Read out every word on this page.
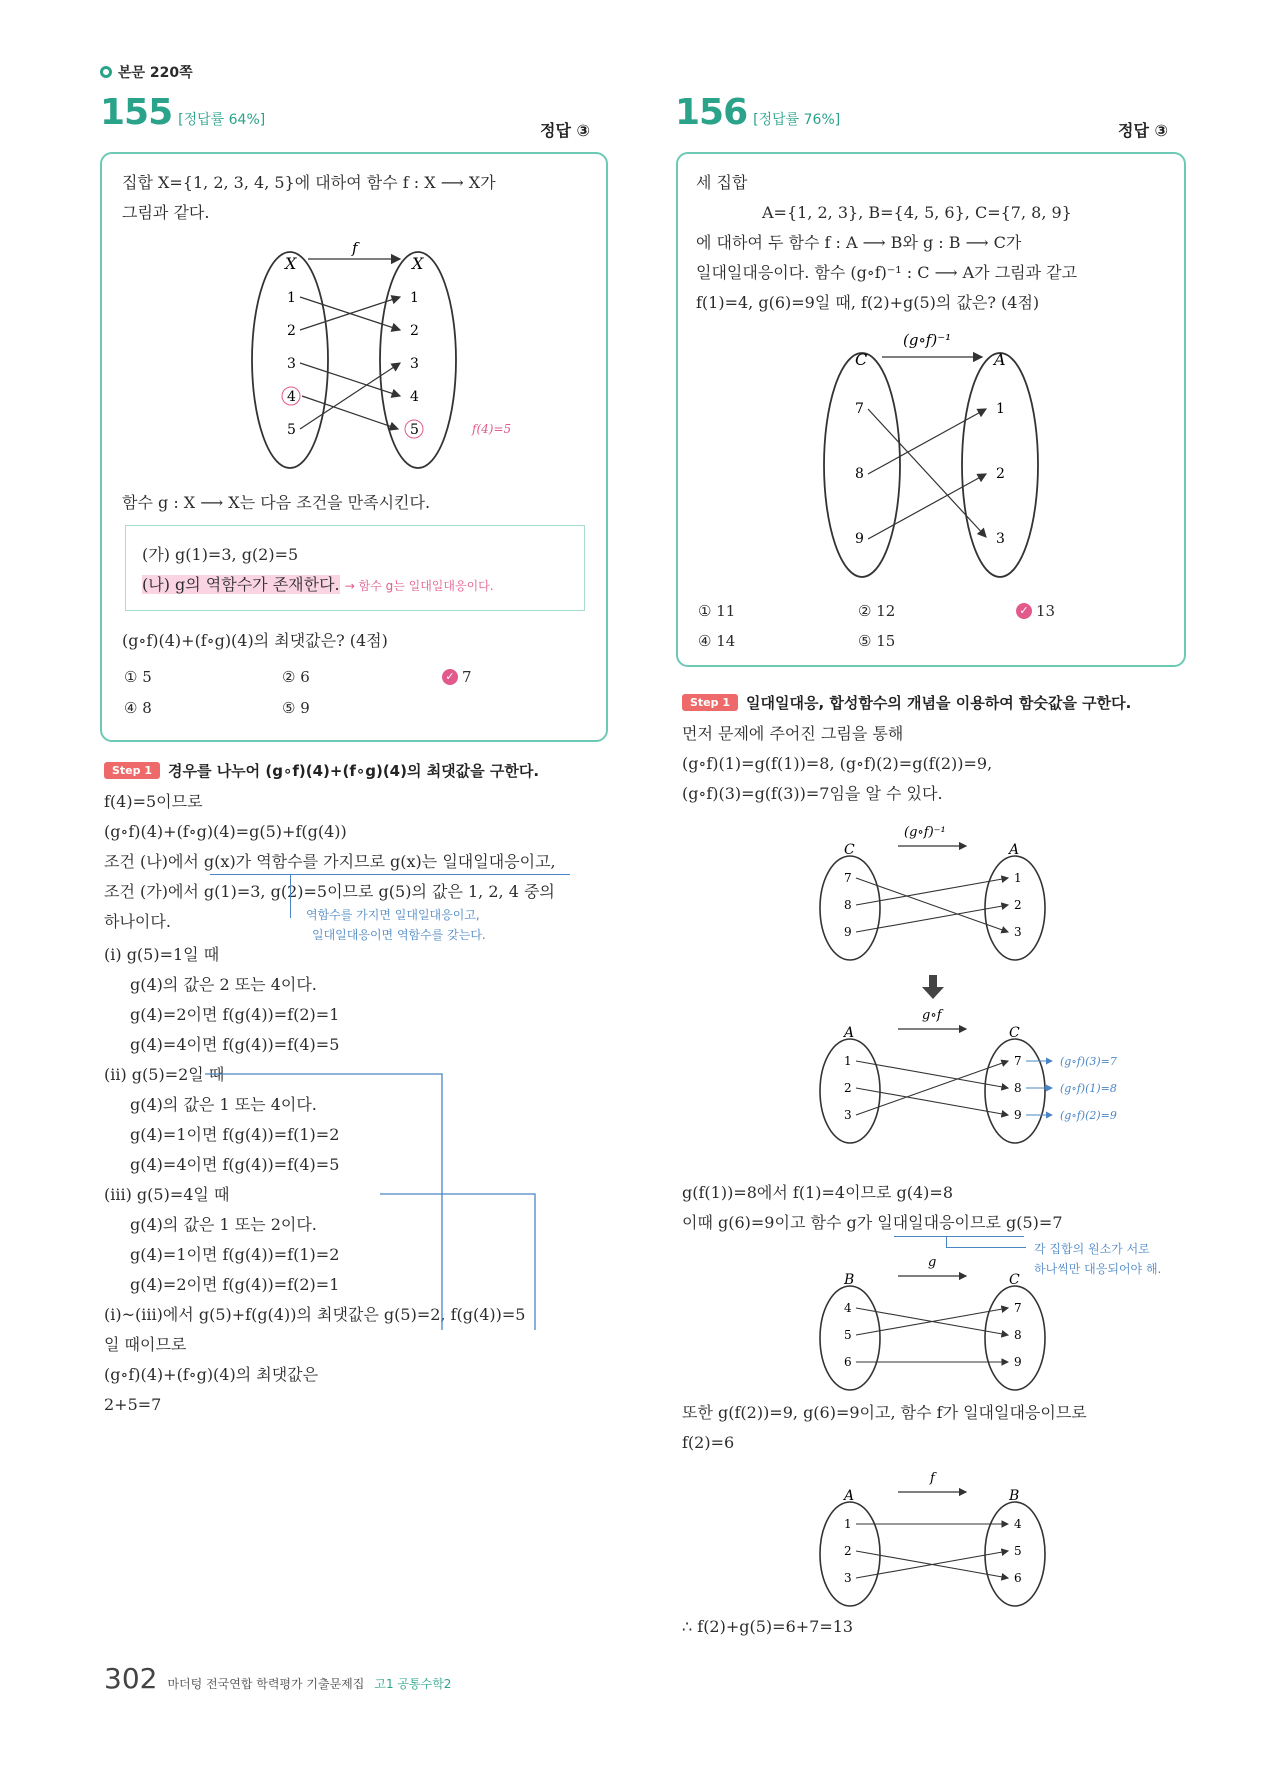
본문 220쪽
155 [정답률 64%]
정답 ③
집합 X={1, 2, 3, 4, 5}에 대하여 함수 f : X ⟶ X가
그림과 같다.
X	X
f
1
2
3
4
5
1
2
3
4
5	f(4)=5
함수 g : X ⟶ X는 다음 조건을 만족시킨다.
(가) g(1)=3, g(2)=5
(나) g의 역함수가 존재한다. → 함수 g는 일대일대응이다.
(g∘f)(4)+(f∘g)(4)의 최댓값은? (4점)
① 5	② 6	✓ 7
④ 8	⑤ 9
Step 1	경우를 나누어 (g∘f)(4)+(f∘g)(4)의 최댓값을 구한다.
f(4)=5이므로
(g∘f)(4)+(f∘g)(4)=g(5)+f(g(4))
조건 (나)에서 g(x)가 역함수를 가지므로 g(x)는 일대일대응이고,
조건 (가)에서 g(1)=3, g(2)=5이므로 g(5)의 값은 1, 2, 4 중의
하나이다.	역함수를 가지면 일대일대응이고,
일대일대응이면 역함수를 갖는다.
(i) g(5)=1일 때
g(4)의 값은 2 또는 4이다.
g(4)=2이면 f(g(4))=f(2)=1
g(4)=4이면 f(g(4))=f(4)=5
(ii) g(5)=2일 때
g(4)의 값은 1 또는 4이다.
g(4)=1이면 f(g(4))=f(1)=2
g(4)=4이면 f(g(4))=f(4)=5
(iii) g(5)=4일 때
g(4)의 값은 1 또는 2이다.
g(4)=1이면 f(g(4))=f(1)=2
g(4)=2이면 f(g(4))=f(2)=1
(i)~(iii)에서 g(5)+f(g(4))의 최댓값은 g(5)=2, f(g(4))=5
일 때이므로
(g∘f)(4)+(f∘g)(4)의 최댓값은
2+5=7
156 [정답률 76%]
정답 ③
세 집합
A={1, 2, 3}, B={4, 5, 6}, C={7, 8, 9}
에 대하여 두 함수 f : A ⟶ B와 g : B ⟶ C가
일대일대응이다. 함수 (g∘f)⁻¹ : C ⟶ A가 그림과 같고
f(1)=4, g(6)=9일 때, f(2)+g(5)의 값은? (4점)
(g∘f)⁻¹
C	A
7
8
9
1
2
3
① 11	② 12	✓ 13
④ 14	⑤ 15
Step 1	일대일대응, 합성함수의 개념을 이용하여 함숫값을 구한다.
먼저 문제에 주어진 그림을 통해
(g∘f)(1)=g(f(1))=8, (g∘f)(2)=g(f(2))=9,
(g∘f)(3)=g(f(3))=7임을 알 수 있다.
(g∘f)⁻¹
C	A
7
8
9
1
2
3
g∘f
A	C
1
2
3
7
8
9
(g∘f)(3)=7
(g∘f)(1)=8
(g∘f)(2)=9
g(f(1))=8에서 f(1)=4이므로 g(4)=8
이때 g(6)=9이고 함수 g가 일대일대응이므로 g(5)=7
각 집합의 원소가 서로
하나씩만 대응되어야 해.
g
B	C
4
5
6
7
8
9
또한 g(f(2))=9, g(6)=9이고, 함수 f가 일대일대응이므로
f(2)=6
f
A	B
1
2
3
4
5
6
∴ f(2)+g(5)=6+7=13
302 마더텅 전국연합 학력평가 기출문제집 고1 공통수학2
